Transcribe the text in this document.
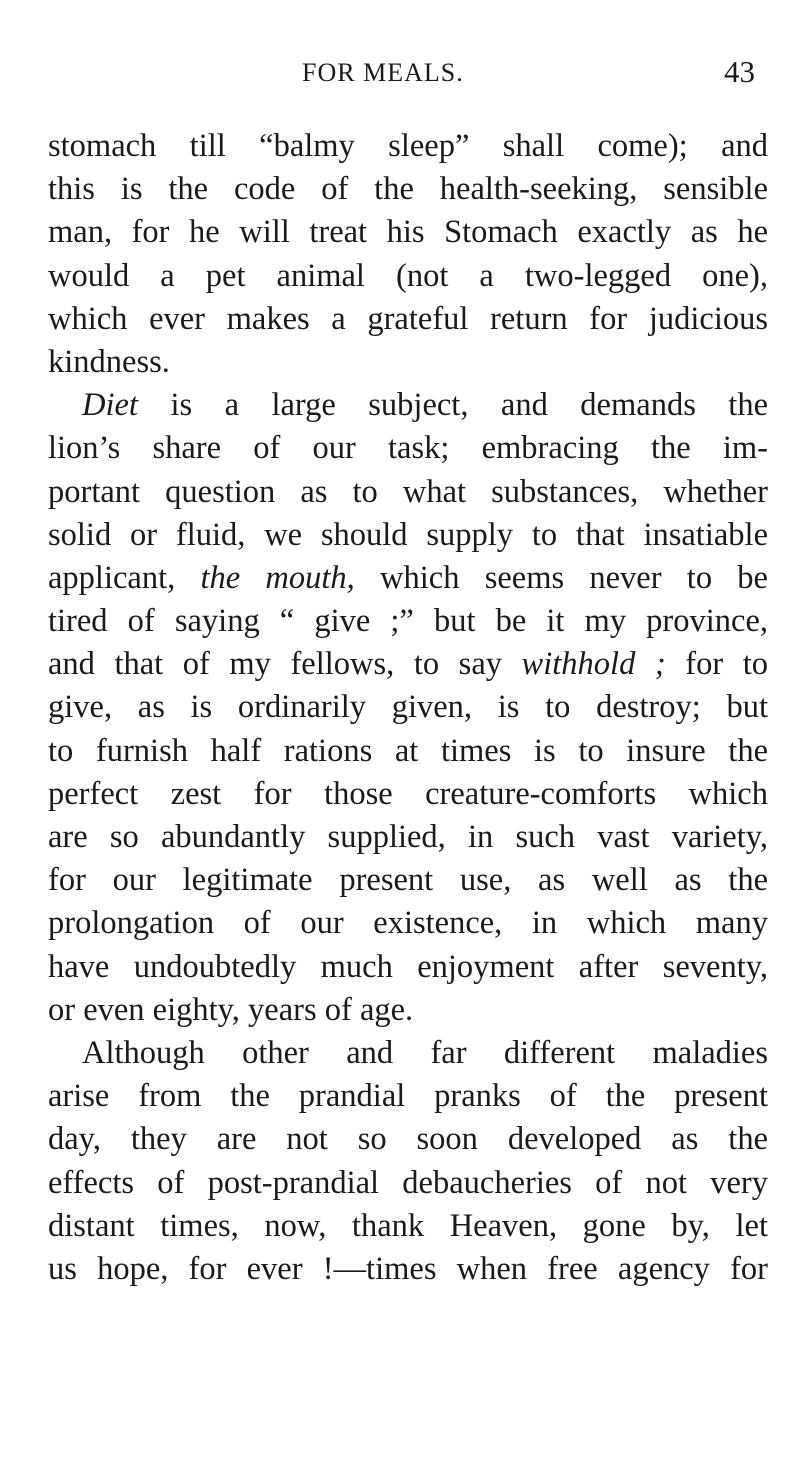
FOR MEALS.	43
stomach till “balmy sleep” shall come); and
this is the code of the health-seeking, sensible
man, for he will treat his Stomach exactly as he
would a pet animal (not a two-legged one),
which ever makes a grateful return for judicious
kindness.
Diet is a large subject, and demands the
lion’s share of our task; embracing the im-
portant question as to what substances, whether
solid or fluid, we should supply to that insatiable
applicant, the mouth, which seems never to be
tired of saying “ give ;” but be it my province,
and that of my fellows, to say withhold ; for to
give, as is ordinarily given, is to destroy; but
to furnish half rations at times is to insure the
perfect zest for those creature-comforts which
are so abundantly supplied, in such vast variety,
for our legitimate present use, as well as the
prolongation of our existence, in which many
have undoubtedly much enjoyment after seventy,
or even eighty, years of age.
Although other and far different maladies
arise from the prandial pranks of the present
day, they are not so soon developed as the
effects of post-prandial debaucheries of not very
distant times, now, thank Heaven, gone by, let
us hope, for ever !—times when free agency for
